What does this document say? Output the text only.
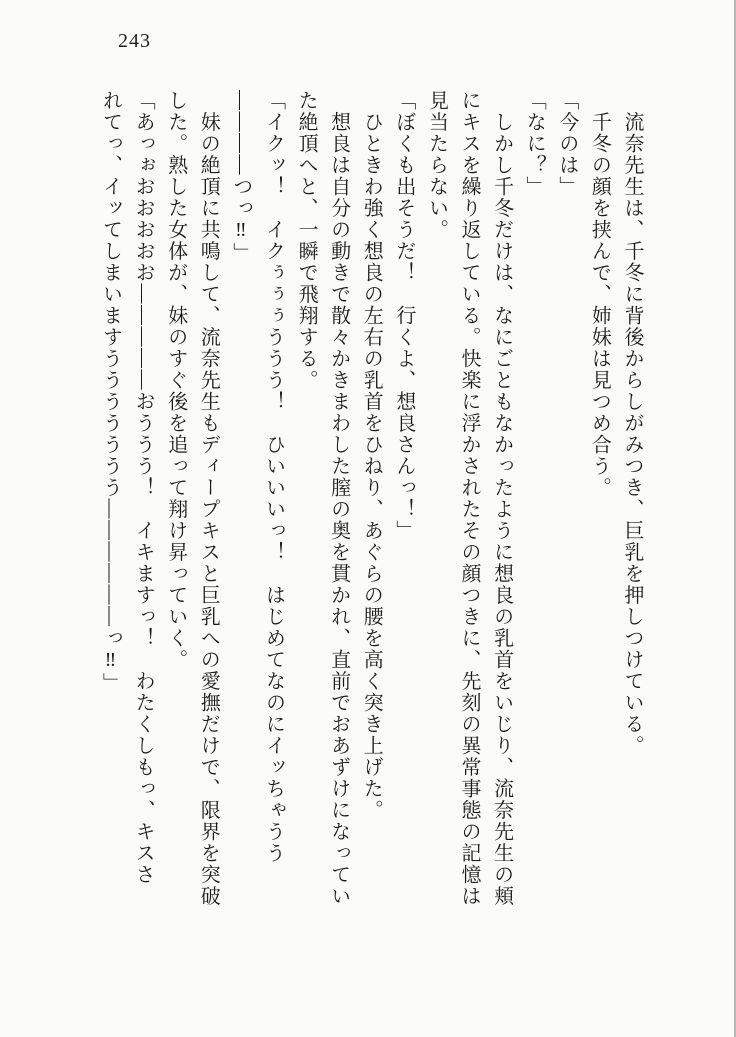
243

　流奈先生は、千冬に背後からしがみつき、巨乳を押しつけている。

　千冬の顔を挟んで、姉妹は見つめ合う。

「今のは」

「なに？」

　しかし千冬だけは、なにごともなかったように想良の乳首をいじり、流奈先生の頬

にキスを繰り返している。快楽に浮かされたその顔つきに、先刻の異常事態の記憶は

見当たらない。

「ぼくも出そうだ！　行くよ、想良さんっ！」

　ひときわ強く想良の左右の乳首をひねり、あぐらの腰を高く突き上げた。

　想良は自分の動きで散々かきまわした膣の奥を貫かれ、直前でおあずけになってい

た絶頂へと、一瞬で飛翔する。

「イクッ！　イクぅぅぅううう！　ひいいいっ！　はじめてなのにイッちゃうう

————つっ‼」

　妹の絶頂に共鳴して、流奈先生もディープキスと巨乳への愛撫だけで、限界を突破

した。熟した女体が、妹のすぐ後を追って翔け昇っていく。

「あっぉおおおおお—————おううう！　イキますっ！　わたくしもっ、キスさ

れてっ、イッてしまいますううううううう——————っ‼」
